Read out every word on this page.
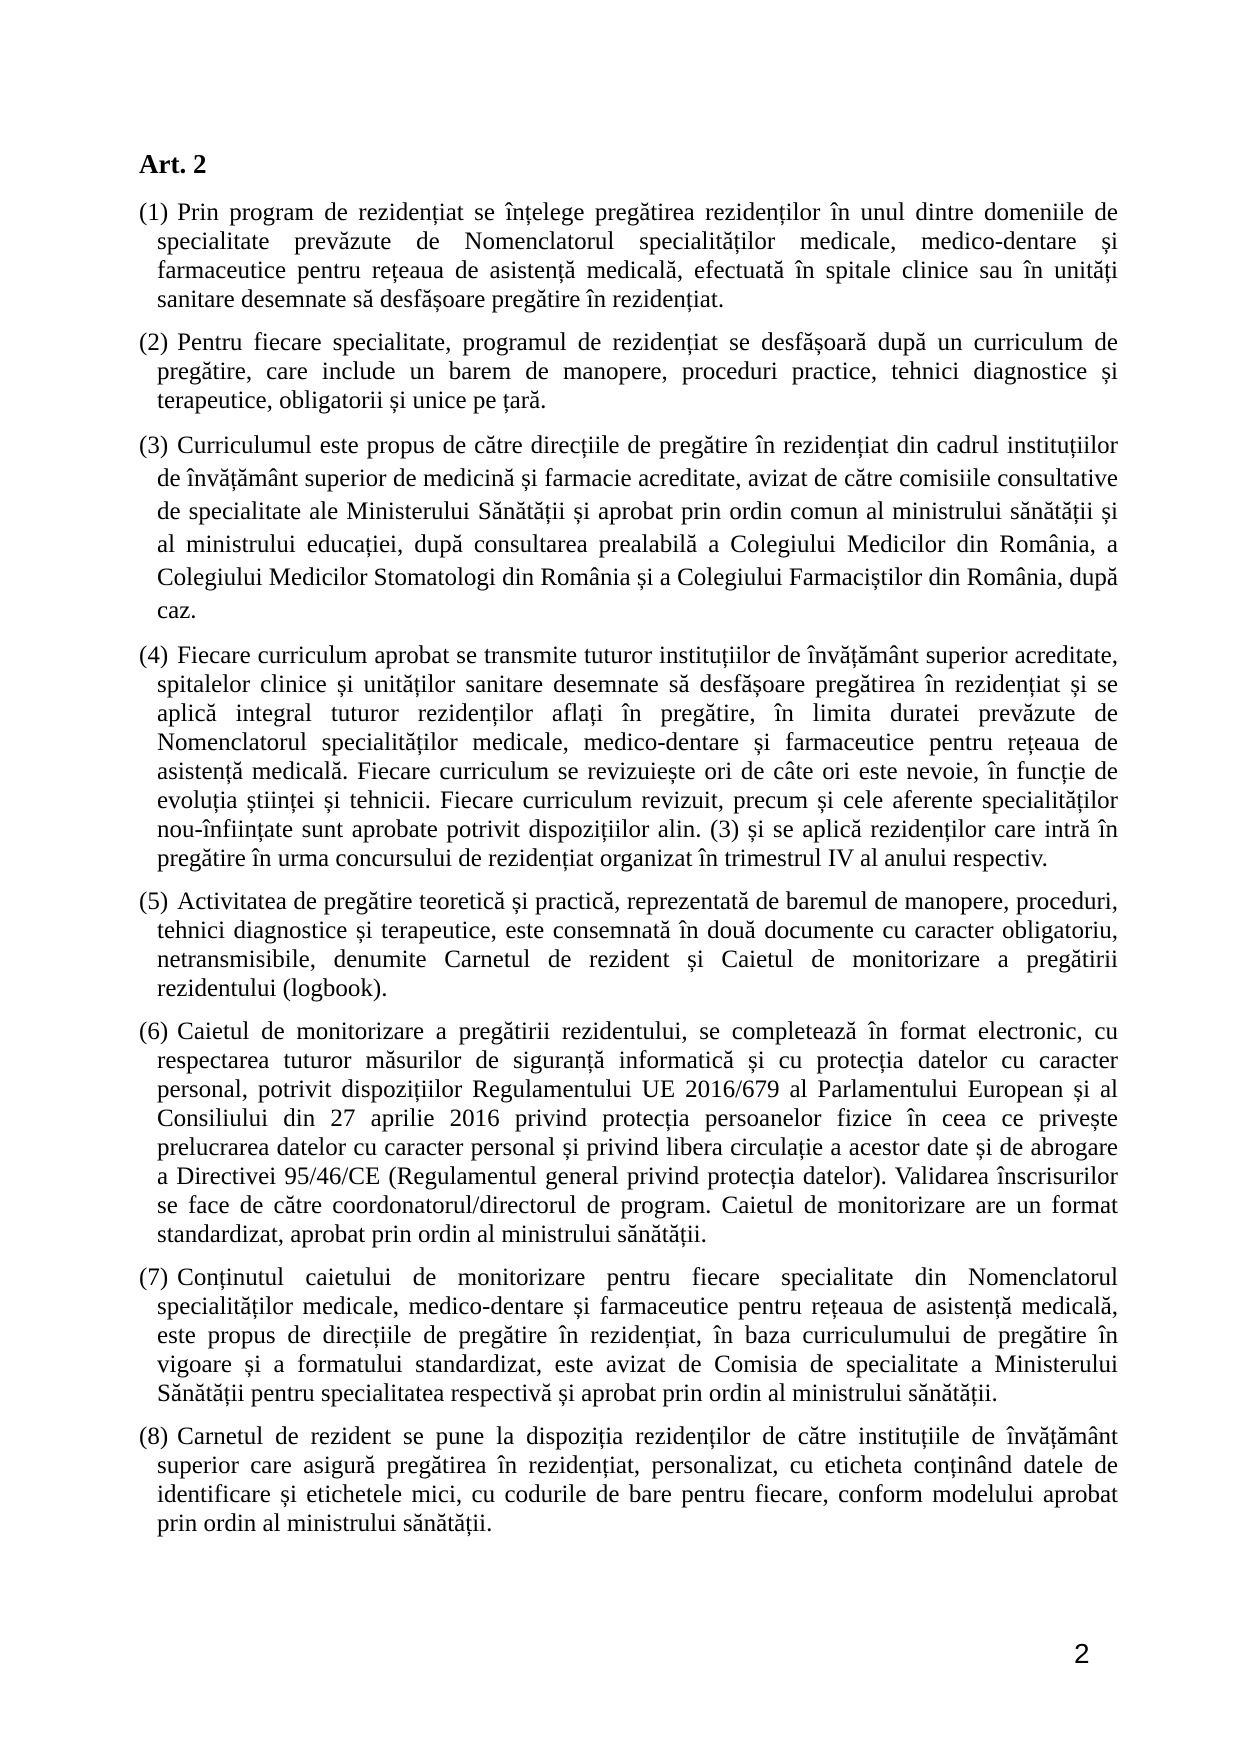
Art. 2

(1) Prin program de rezidențiat se înțelege pregătirea rezidenților în unul dintre domeniile de specialitate prevăzute de Nomenclatorul specialităților medicale, medico-dentare și farmaceutice pentru rețeaua de asistență medicală, efectuată în spitale clinice sau în unități sanitare desemnate să desfășoare pregătire în rezidențiat.

(2) Pentru fiecare specialitate, programul de rezidențiat se desfășoară după un curriculum de pregătire, care include un barem de manopere, proceduri practice, tehnici diagnostice și terapeutice, obligatorii și unice pe țară.

(3) Curriculumul este propus de către direcțiile de pregătire în rezidențiat din cadrul instituțiilor de învățământ superior de medicină și farmacie acreditate, avizat de către comisiile consultative de specialitate ale Ministerului Sănătății și aprobat prin ordin comun al ministrului sănătății și al ministrului educației, după consultarea prealabilă a Colegiului Medicilor din România, a Colegiului Medicilor Stomatologi din România și a Colegiului Farmaciștilor din România, după caz.

(4) Fiecare curriculum aprobat se transmite tuturor instituțiilor de învățământ superior acreditate, spitalelor clinice și unităților sanitare desemnate să desfășoare pregătirea în rezidențiat și se aplică integral tuturor rezidenților aflați în pregătire, în limita duratei prevăzute de Nomenclatorul specialităților medicale, medico-dentare și farmaceutice pentru rețeaua de asistență medicală. Fiecare curriculum se revizuiește ori de câte ori este nevoie, în funcție de evoluția științei și tehnicii. Fiecare curriculum revizuit, precum și cele aferente specialităților nou-înființate sunt aprobate potrivit dispozițiilor alin. (3) și se aplică rezidenților care intră în pregătire în urma concursului de rezidențiat organizat în trimestrul IV al anului respectiv.

(5) Activitatea de pregătire teoretică și practică, reprezentată de baremul de manopere, proceduri, tehnici diagnostice și terapeutice, este consemnată în două documente cu caracter obligatoriu, netransmisibile, denumite Carnetul de rezident și Caietul de monitorizare a pregătirii rezidentului (logbook).

(6) Caietul de monitorizare a pregătirii rezidentului, se completează în format electronic, cu respectarea tuturor măsurilor de siguranță informatică și cu protecția datelor cu caracter personal, potrivit dispozițiilor Regulamentului UE 2016/679 al Parlamentului European și al Consiliului din 27 aprilie 2016 privind protecția persoanelor fizice în ceea ce privește prelucrarea datelor cu caracter personal și privind libera circulație a acestor date și de abrogare a Directivei 95/46/CE (Regulamentul general privind protecția datelor). Validarea înscrisurilor se face de către coordonatorul/directorul de program. Caietul de monitorizare are un format standardizat, aprobat prin ordin al ministrului sănătății.

(7) Conținutul caietului de monitorizare pentru fiecare specialitate din Nomenclatorul specialităților medicale, medico-dentare și farmaceutice pentru rețeaua de asistență medicală, este propus de direcțiile de pregătire în rezidențiat, în baza curriculumului de pregătire în vigoare și a formatului standardizat, este avizat de Comisia de specialitate a Ministerului Sănătății pentru specialitatea respectivă și aprobat prin ordin al ministrului sănătății.

(8) Carnetul de rezident se pune la dispoziția rezidenților de către instituțiile de învățământ superior care asigură pregătirea în rezidențiat, personalizat, cu eticheta conținând datele de identificare și etichetele mici, cu codurile de bare pentru fiecare, conform modelului aprobat prin ordin al ministrului sănătății.

2
